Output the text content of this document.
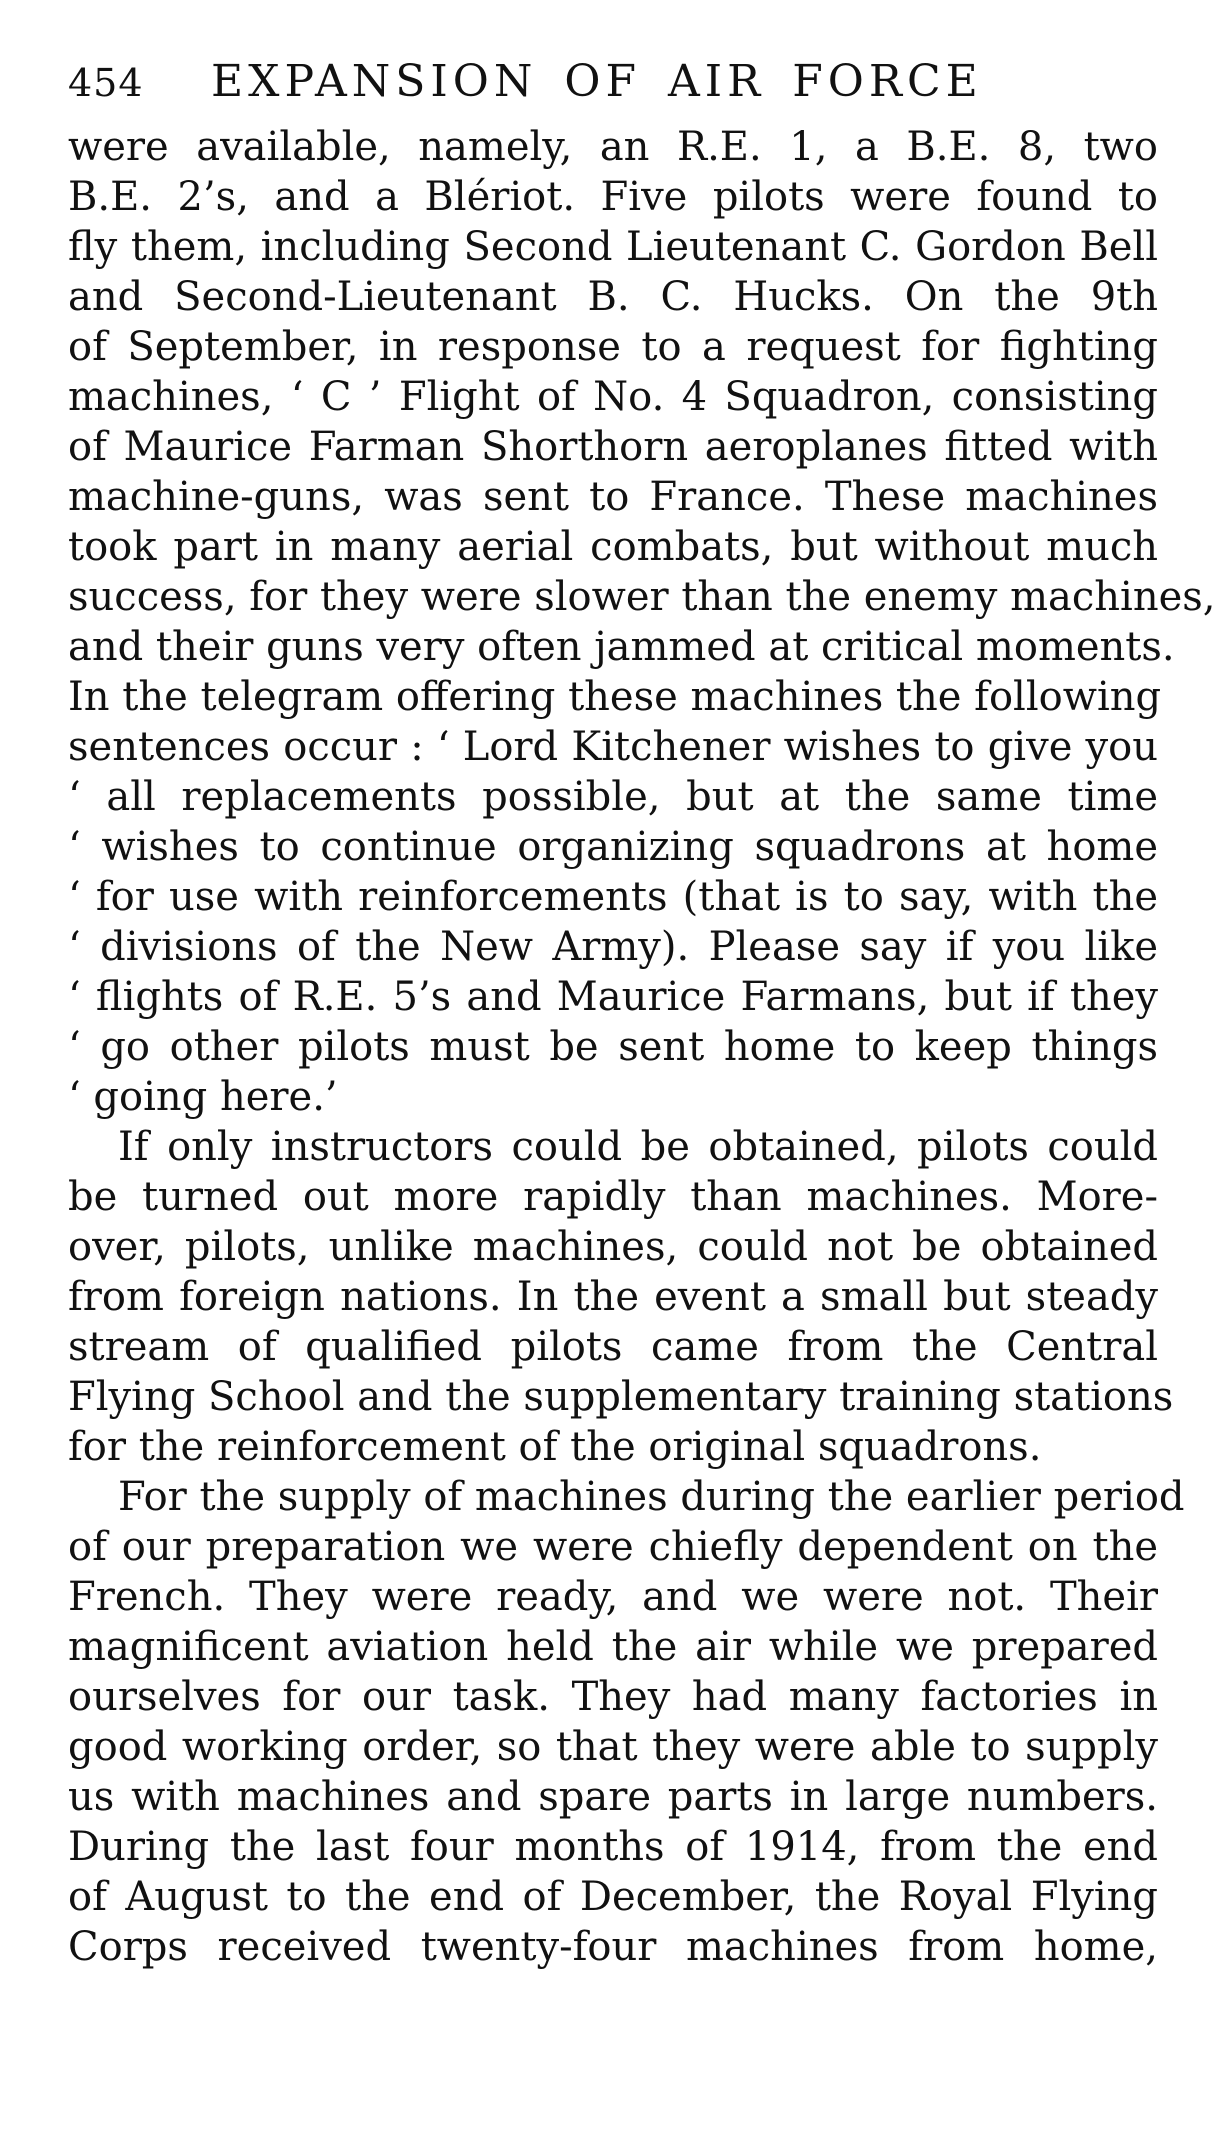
454	EXPANSION OF AIR FORCE
were available, namely, an R.E. 1, a B.E. 8, two
B.E. 2’s, and a Blériot. Five pilots were found to
fly them, including Second Lieutenant C. Gordon Bell
and Second-Lieutenant B. C. Hucks. On the 9th
of September, in response to a request for fighting
machines, ‘ C ’ Flight of No. 4 Squadron, consisting
of Maurice Farman Shorthorn aeroplanes fitted with
machine-guns, was sent to France. These machines
took part in many aerial combats, but without much
success, for they were slower than the enemy machines,
and their guns very often jammed at critical moments.
In the telegram offering these machines the following
sentences occur : ‘ Lord Kitchener wishes to give you
‘ all replacements possible, but at the same time
‘ wishes to continue organizing squadrons at home
‘ for use with reinforcements (that is to say, with the
‘ divisions of the New Army). Please say if you like
‘ flights of R.E. 5’s and Maurice Farmans, but if they
‘ go other pilots must be sent home to keep things
‘ going here.’
If only instructors could be obtained, pilots could
be turned out more rapidly than machines. More-
over, pilots, unlike machines, could not be obtained
from foreign nations. In the event a small but steady
stream of qualified pilots came from the Central
Flying School and the supplementary training stations
for the reinforcement of the original squadrons.
For the supply of machines during the earlier period
of our preparation we were chiefly dependent on the
French. They were ready, and we were not. Their
magnificent aviation held the air while we prepared
ourselves for our task. They had many factories in
good working order, so that they were able to supply
us with machines and spare parts in large numbers.
During the last four months of 1914, from the end
of August to the end of December, the Royal Flying
Corps received twenty-four machines from home,
